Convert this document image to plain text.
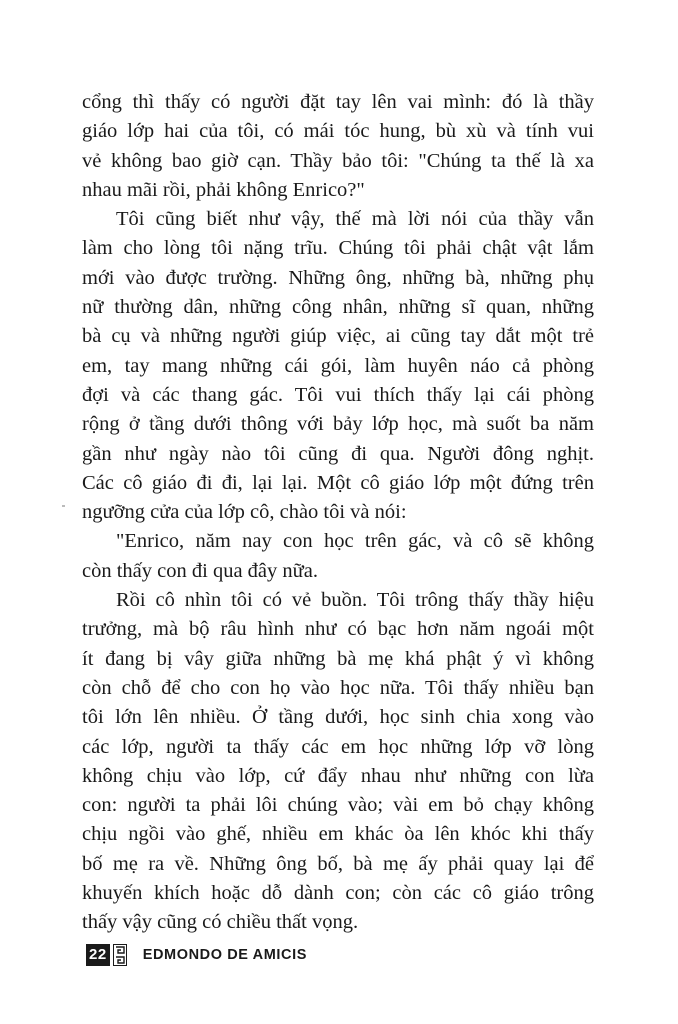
cổng thì thấy có người đặt tay lên vai mình: đó là thầy
giáo lớp hai của tôi, có mái tóc hung, bù xù và tính vui
vẻ không bao giờ cạn. Thầy bảo tôi: "Chúng ta thế là xa
nhau mãi rồi, phải không Enrico?"
Tôi cũng biết như vậy, thế mà lời nói của thầy vẫn
làm cho lòng tôi nặng trĩu. Chúng tôi phải chật vật lắm
mới vào được trường. Những ông, những bà, những phụ
nữ thường dân, những công nhân, những sĩ quan, những
bà cụ và những người giúp việc, ai cũng tay dắt một trẻ
em, tay mang những cái gói, làm huyên náo cả phòng
đợi và các thang gác. Tôi vui thích thấy lại cái phòng
rộng ở tầng dưới thông với bảy lớp học, mà suốt ba năm
gần như ngày nào tôi cũng đi qua. Người đông nghịt.
Các cô giáo đi đi, lại lại. Một cô giáo lớp một đứng trên
ngưỡng cửa của lớp cô, chào tôi và nói:
"Enrico, năm nay con học trên gác, và cô sẽ không
còn thấy con đi qua đây nữa.
Rồi cô nhìn tôi có vẻ buồn. Tôi trông thấy thầy hiệu
trưởng, mà bộ râu hình như có bạc hơn năm ngoái một
ít đang bị vây giữa những bà mẹ khá phật ý vì không
còn chỗ để cho con họ vào học nữa. Tôi thấy nhiều bạn
tôi lớn lên nhiều. Ở tầng dưới, học sinh chia xong vào
các lớp, người ta thấy các em học những lớp vỡ lòng
không chịu vào lớp, cứ đẩy nhau như những con lừa
con: người ta phải lôi chúng vào; vài em bỏ chạy không
chịu ngồi vào ghế, nhiều em khác òa lên khóc khi thấy
bố mẹ ra về. Những ông bố, bà mẹ ấy phải quay lại để
khuyến khích hoặc dỗ dành con; còn các cô giáo trông
thấy vậy cũng có chiều thất vọng.
22 EDMONDO DE AMICIS
